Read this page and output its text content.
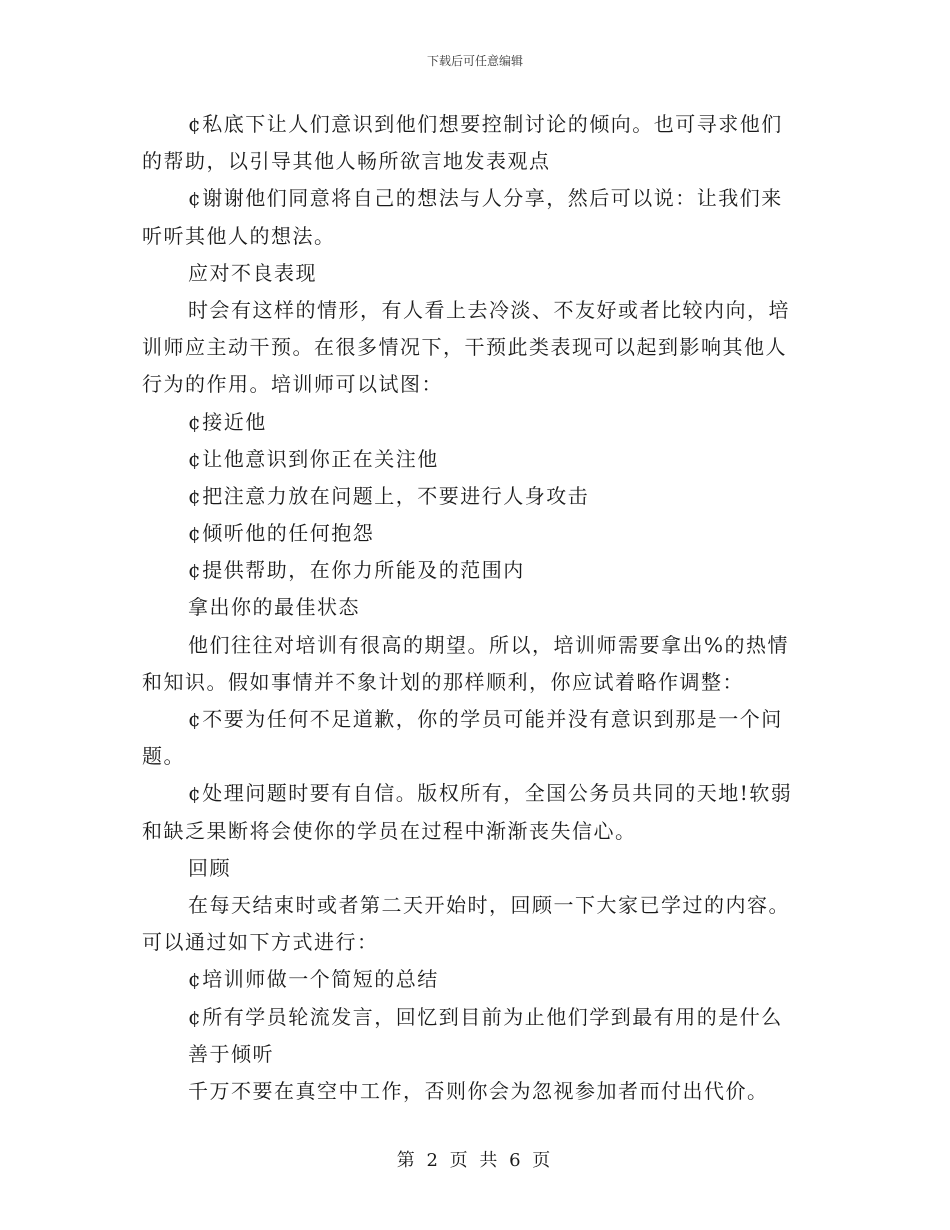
下载后可任意编辑

¢私底下让人们意识到他们想要控制讨论的倾向。也可寻求他们

的帮助，以引导其他人畅所欲言地发表观点

¢谢谢他们同意将自己的想法与人分享，然后可以说：让我们来

听听其他人的想法。

应对不良表现

时会有这样的情形，有人看上去冷淡、不友好或者比较内向，培

训师应主动干预。在很多情况下，干预此类表现可以起到影响其他人

行为的作用。培训师可以试图：

¢接近他

¢让他意识到你正在关注他

¢把注意力放在问题上，不要进行人身攻击

¢倾听他的任何抱怨

¢提供帮助，在你力所能及的范围内

拿出你的最佳状态

他们往往对培训有很高的期望。所以，培训师需要拿出%的热情

和知识。假如事情并不象计划的那样顺利，你应试着略作调整：

¢不要为任何不足道歉，你的学员可能并没有意识到那是一个问

题。

¢处理问题时要有自信。版权所有，全国公务员共同的天地!软弱

和缺乏果断将会使你的学员在过程中渐渐丧失信心。

回顾

在每天结束时或者第二天开始时，回顾一下大家已学过的内容。

可以通过如下方式进行：

¢培训师做一个简短的总结

¢所有学员轮流发言，回忆到目前为止他们学到最有用的是什么

善于倾听

千万不要在真空中工作，否则你会为忽视参加者而付出代价。

第 2 页 共 6 页
